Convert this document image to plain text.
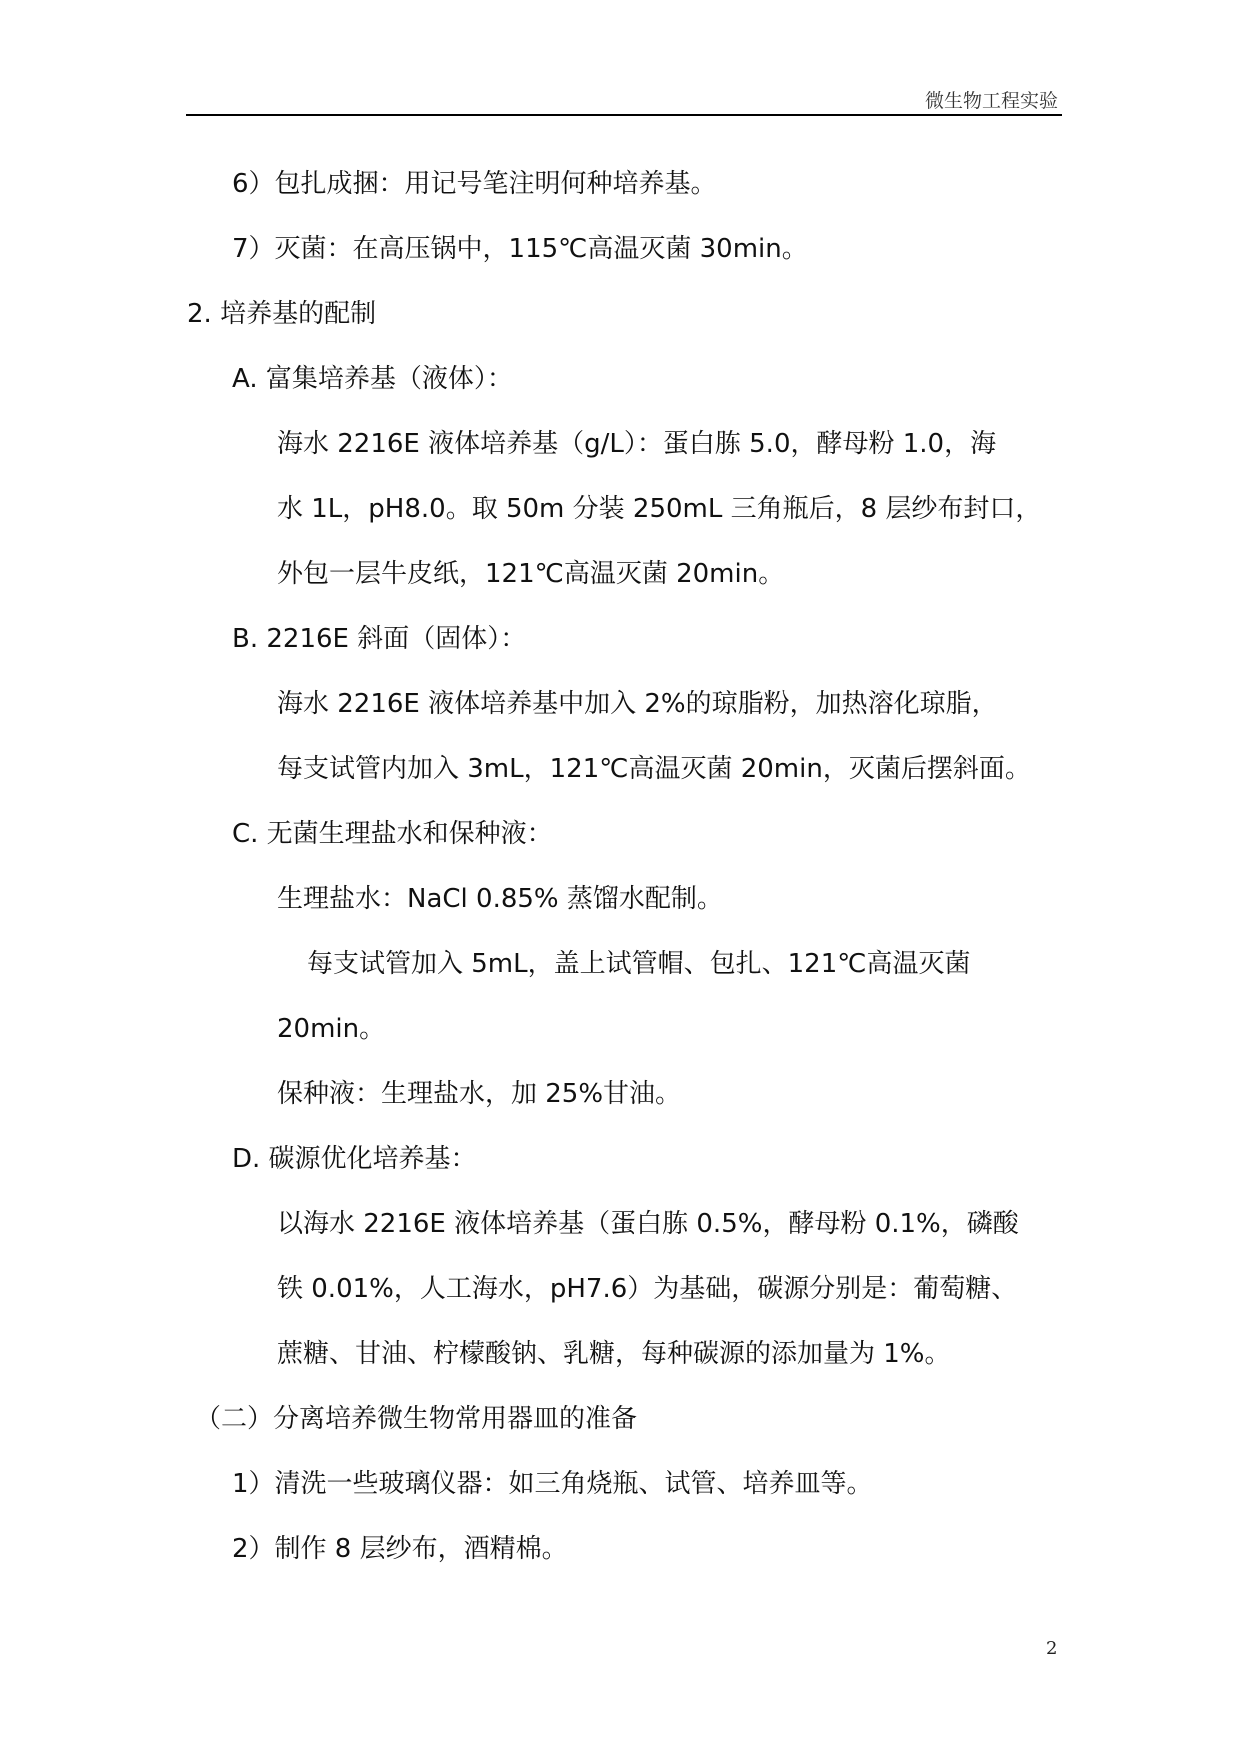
微生物工程实验
6）包扎成捆：用记号笔注明何种培养基。
7）灭菌：在高压锅中，115℃高温灭菌 30min。
2. 培养基的配制
A. 富集培养基（液体）：
海水 2216E 液体培养基（g/L）：蛋白胨 5.0，酵母粉 1.0，海
水 1L，pH8.0。取 50m 分装 250mL 三角瓶后，8 层纱布封口，
外包一层牛皮纸，121℃高温灭菌 20min。
B. 2216E 斜面（固体）：
海水 2216E 液体培养基中加入 2%的琼脂粉，加热溶化琼脂，
每支试管内加入 3mL，121℃高温灭菌 20min，灭菌后摆斜面。
C. 无菌生理盐水和保种液：
生理盐水：NaCl 0.85% 蒸馏水配制。
每支试管加入 5mL，盖上试管帽、包扎、121℃高温灭菌
20min。
保种液：生理盐水，加 25%甘油。
D. 碳源优化培养基：
以海水 2216E 液体培养基（蛋白胨 0.5%，酵母粉 0.1%，磷酸
铁 0.01%，人工海水，pH7.6）为基础，碳源分别是：葡萄糖、
蔗糖、甘油、柠檬酸钠、乳糖，每种碳源的添加量为 1%。
（二）分离培养微生物常用器皿的准备
1）清洗一些玻璃仪器：如三角烧瓶、试管、培养皿等。
2）制作 8 层纱布，酒精棉。
2
